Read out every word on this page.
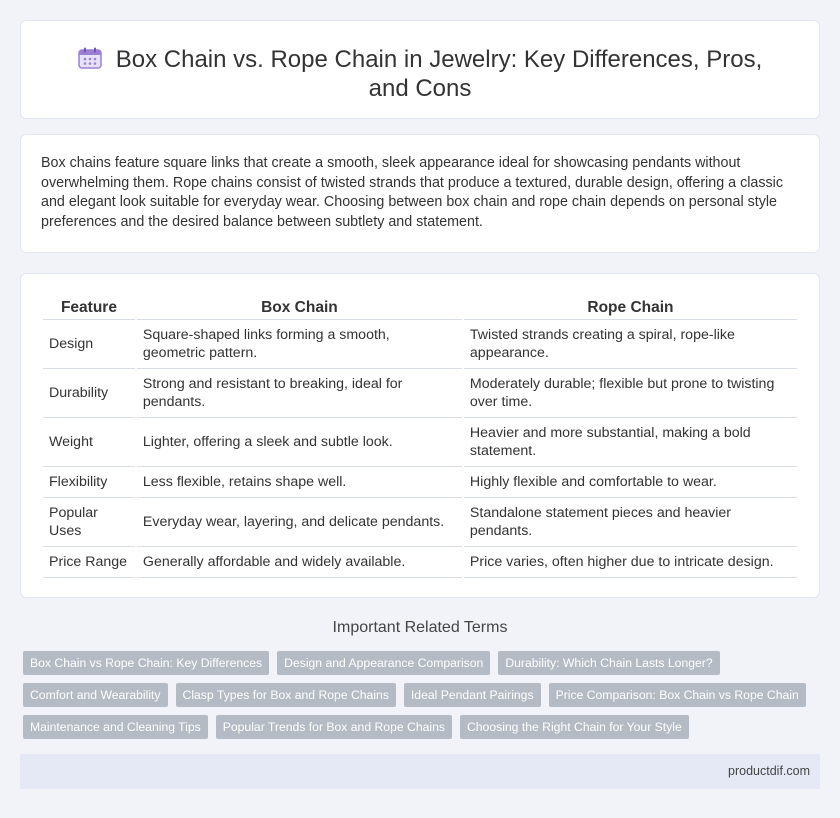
Box Chain vs. Rope Chain in Jewelry: Key Differences, Pros, and Cons

Box chains feature square links that create a smooth, sleek appearance ideal for showcasing pendants without overwhelming them. Rope chains consist of twisted strands that produce a textured, durable design, offering a classic and elegant look suitable for everyday wear. Choosing between box chain and rope chain depends on personal style preferences and the desired balance between subtlety and statement.

Feature	Box Chain	Rope Chain
Design	Square-shaped links forming a smooth, geometric pattern.	Twisted strands creating a spiral, rope-like appearance.
Durability	Strong and resistant to breaking, ideal for pendants.	Moderately durable; flexible but prone to twisting over time.
Weight	Lighter, offering a sleek and subtle look.	Heavier and more substantial, making a bold statement.
Flexibility	Less flexible, retains shape well.	Highly flexible and comfortable to wear.
Popular Uses	Everyday wear, layering, and delicate pendants.	Standalone statement pieces and heavier pendants.
Price Range	Generally affordable and widely available.	Price varies, often higher due to intricate design.
Important Related Terms
Box Chain vs Rope Chain: Key Differences	Design and Appearance Comparison	Durability: Which Chain Lasts Longer?
Comfort and Wearability	Clasp Types for Box and Rope Chains	Ideal Pendant Pairings	Price Comparison: Box Chain vs Rope Chain
Maintenance and Cleaning Tips	Popular Trends for Box and Rope Chains	Choosing the Right Chain for Your Style
productdif.com
